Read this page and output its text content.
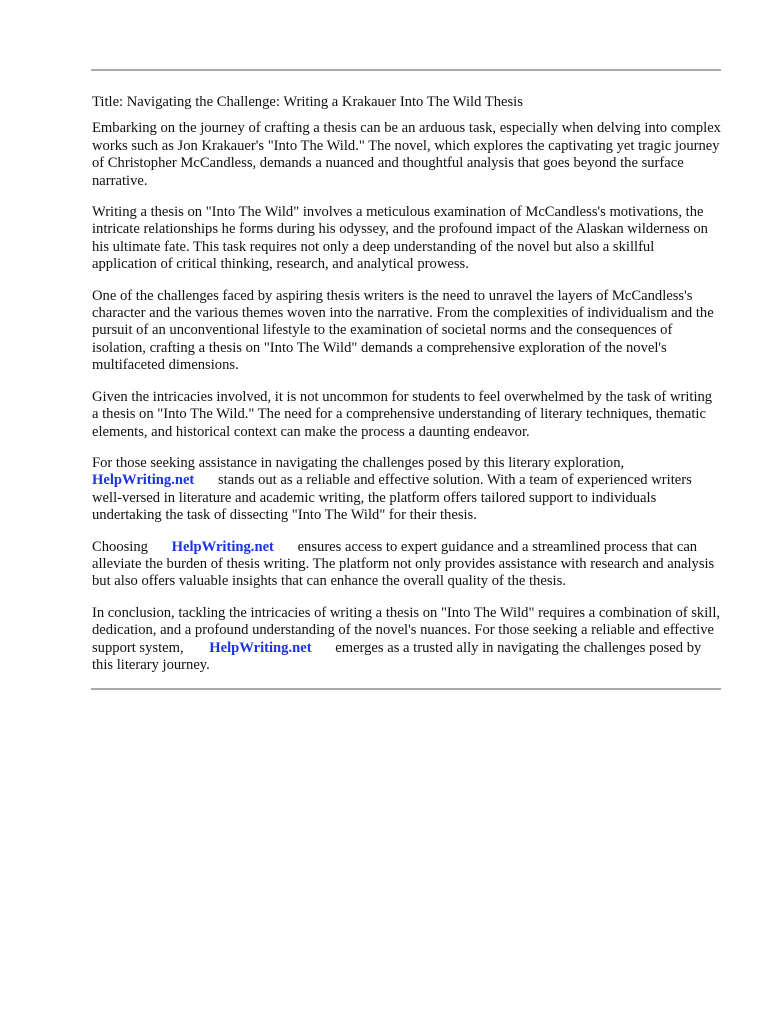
Title: Navigating the Challenge: Writing a Krakauer Into The Wild Thesis

Embarking on the journey of crafting a thesis can be an arduous task, especially when delving into complex works such as Jon Krakauer's "Into The Wild." The novel, which explores the captivating yet tragic journey of Christopher McCandless, demands a nuanced and thoughtful analysis that goes beyond the surface narrative.

Writing a thesis on "Into The Wild" involves a meticulous examination of McCandless's motivations, the intricate relationships he forms during his odyssey, and the profound impact of the Alaskan wilderness on his ultimate fate. This task requires not only a deep understanding of the novel but also a skillful application of critical thinking, research, and analytical prowess.

One of the challenges faced by aspiring thesis writers is the need to unravel the layers of McCandless's character and the various themes woven into the narrative. From the complexities of individualism and the pursuit of an unconventional lifestyle to the examination of societal norms and the consequences of isolation, crafting a thesis on "Into The Wild" demands a comprehensive exploration of the novel's multifaceted dimensions.

Given the intricacies involved, it is not uncommon for students to feel overwhelmed by the task of writing a thesis on "Into The Wild." The need for a comprehensive understanding of literary techniques, thematic elements, and historical context can make the process a daunting endeavor.

For those seeking assistance in navigating the challenges posed by this literary exploration,
HelpWriting.net stands out as a reliable and effective solution. With a team of experienced writers well-versed in literature and academic writing, the platform offers tailored support to individuals undertaking the task of dissecting "Into The Wild" for their thesis.

Choosing HelpWriting.net ensures access to expert guidance and a streamlined process that can alleviate the burden of thesis writing. The platform not only provides assistance with research and analysis but also offers valuable insights that can enhance the overall quality of the thesis.

In conclusion, tackling the intricacies of writing a thesis on "Into The Wild" requires a combination of skill, dedication, and a profound understanding of the novel's nuances. For those seeking a reliable and effective support system, HelpWriting.net emerges as a trusted ally in navigating the challenges posed by this literary journey.
